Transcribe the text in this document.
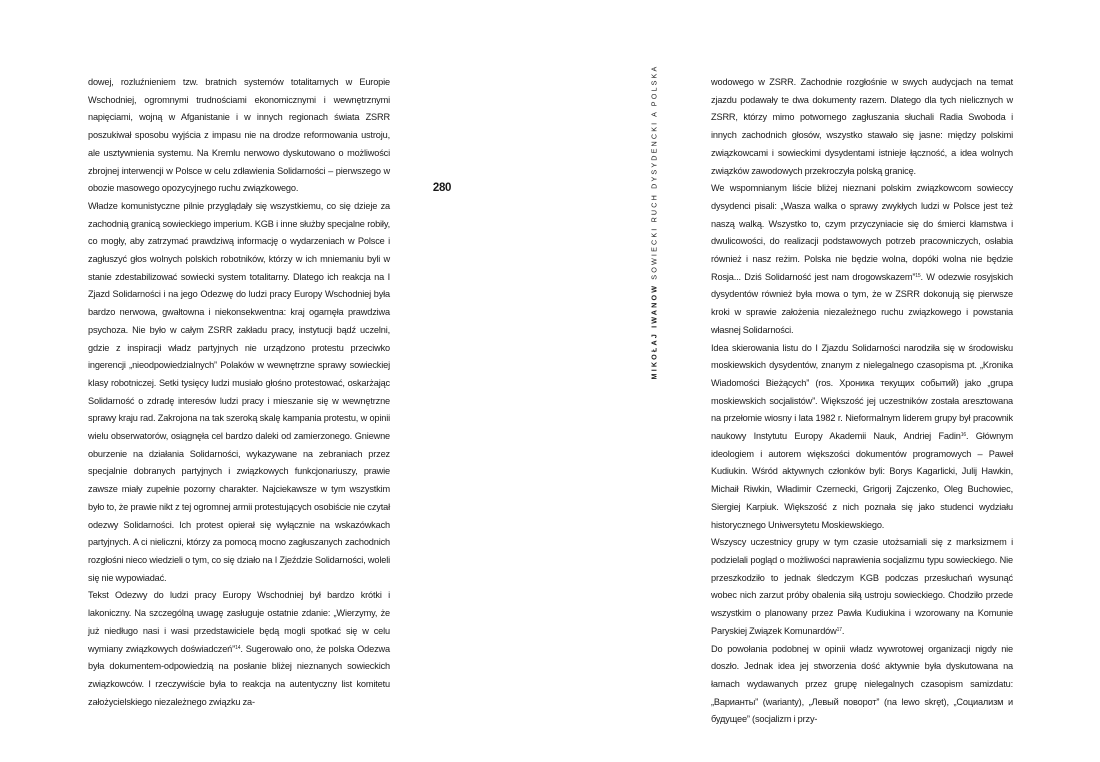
dowej, rozluźnieniem tzw. bratnich systemów totalitarnych w Europie Wschodniej, ogromnymi trudnościami ekonomicznymi i wewnętrznymi napięciami, wojną w Afganistanie i w innych regionach świata ZSRR poszukiwał sposobu wyjścia z impasu nie na drodze reformowania ustroju, ale usztywnienia systemu. Na Kremlu nerwowo dyskutowano o możliwości zbrojnej interwencji w Polsce w celu zdławienia Solidarności – pierwszego w obozie masowego opozycyjnego ruchu związkowego.

Władze komunistyczne pilnie przyglądały się wszystkiemu, co się dzieje za zachodnią granicą sowieckiego imperium. KGB i inne służby specjalne robiły, co mogły, aby zatrzymać prawdziwą informację o wydarzeniach w Polsce i zagłuszyć głos wolnych polskich robotników, którzy w ich mniemaniu byli w stanie zdestabilizować sowiecki system totalitarny. Dlatego ich reakcja na I Zjazd Solidarności i na jego Odezwę do ludzi pracy Europy Wschodniej była bardzo nerwowa, gwałtowna i niekonsekwentna: kraj ogarnęła prawdziwa psychoza. Nie było w całym ZSRR zakładu pracy, instytucji bądź uczelni, gdzie z inspiracji władz partyjnych nie urządzono protestu przeciwko ingerencji „nieodpowiedzialnych” Polaków w wewnętrzne sprawy sowieckiej klasy robotniczej. Setki tysięcy ludzi musiało głośno protestować, oskarżając Solidarność o zdradę interesów ludzi pracy i mieszanie się w wewnętrzne sprawy kraju rad. Zakrojona na tak szeroką skalę kampania protestu, w opinii wielu obserwatorów, osiągnęła cel bardzo daleki od zamierzonego. Gniewne oburzenie na działania Solidarności, wykazywane na zebraniach przez specjalnie dobranych partyjnych i związkowych funkcjonariuszy, prawie zawsze miały zupełnie pozorny charakter. Najciekawsze w tym wszystkim było to, że prawie nikt z tej ogromnej armii protestujących osobiście nie czytał odezwy Solidarności. Ich protest opierał się wyłącznie na wskazówkach partyjnych. A ci nieliczni, którzy za pomocą mocno zagłuszanych zachodnich rozgłośni nieco wiedzieli o tym, co się działo na I Zjeździe Solidarności, woleli się nie wypowiadać.

Tekst Odezwy do ludzi pracy Europy Wschodniej był bardzo krótki i lakoniczny. Na szczególną uwagę zasługuje ostatnie zdanie: „Wierzymy, że już niedługo nasi i wasi przedstawiciele będą mogli spotkać się w celu wymiany związkowych doświadczeń”$^{14}$. Sugerowało ono, że polska Odezwa była dokumentem-odpowiedzią na posłanie bliżej nieznanych sowieckich związkowców. I rzeczywiście była to reakcja na autentyczny list komitetu założycielskiego niezależnego związku za-

280
MIKOŁAJ IWANOW SOWIECKI RUCH DYSYDENCKI A POLSKA	wodowego w ZSRR. Zachodnie rozgłośnie w swych audycjach na temat zjazdu podawały te dwa dokumenty razem. Dlatego dla tych nielicznych w ZSRR, którzy mimo potwornego zagłuszania słuchali Radia Swoboda i innych zachodnich głosów, wszystko stawało się jasne: między polskimi związkowcami i sowieckimi dysydentami istnieje łączność, a idea wolnych związków zawodowych przekroczyła polską granicę.

We wspomnianym liście bliżej nieznani polskim związkowcom sowieccy dysydenci pisali: „Wasza walka o sprawy zwykłych ludzi w Polsce jest też naszą walką. Wszystko to, czym przyczyniacie się do śmierci kłamstwa i dwulicowości, do realizacji podstawowych potrzeb pracowniczych, osłabia również i nasz reżim. Polska nie będzie wolna, dopóki wolna nie będzie Rosja... Dziś Solidarność jest nam drogowskazem”$^{15}$. W odezwie rosyjskich dysydentów również była mowa o tym, że w ZSRR dokonują się pierwsze kroki w sprawie założenia niezależnego ruchu związkowego i powstania własnej Solidarności.

Idea skierowania listu do I Zjazdu Solidarności narodziła się w środowisku moskiewskich dysydentów, znanym z nielegalnego czasopisma pt. „Kronika Wiadomości Bieżących” (ros. Хроника текущих событий) jako „grupa moskiewskich socjalistów”. Większość jej uczestników została aresztowana na przełomie wiosny i lata 1982 r. Nieformalnym liderem grupy był pracownik naukowy Instytutu Europy Akademii Nauk, Andriej Fadin$^{16}$. Głównym ideologiem i autorem większości dokumentów programowych – Paweł Kudiukin. Wśród aktywnych członków byli: Borys Kagarlicki, Julij Hawkin, Michaił Riwkin, Władimir Czernecki, Grigorij Zajczenko, Oleg Buchowiec, Siergiej Karpiuk. Większość z nich poznała się jako studenci wydziału historycznego Uniwersytetu Moskiewskiego.

Wszyscy uczestnicy grupy w tym czasie utożsamiali się z marksizmem i podzielali pogląd o możliwości naprawienia socjalizmu typu sowieckiego. Nie przeszkodziło to jednak śledczym KGB podczas przesłuchań wysunąć wobec nich zarzut próby obalenia siłą ustroju sowieckiego. Chodziło przede wszystkim o planowany przez Pawła Kudiukina i wzorowany na Komunie Paryskiej Związek Komunardów$^{17}$.

Do powołania podobnej w opinii władz wywrotowej organizacji nigdy nie doszło. Jednak idea jej stworzenia dość aktywnie była dyskutowana na łamach wydawanych przez grupę nielegalnych czasopism samizdatu: „Варианты” (warianty), „Левый поворот” (na lewo skręt), „Социализм и будущее” (socjalizm i przy-
